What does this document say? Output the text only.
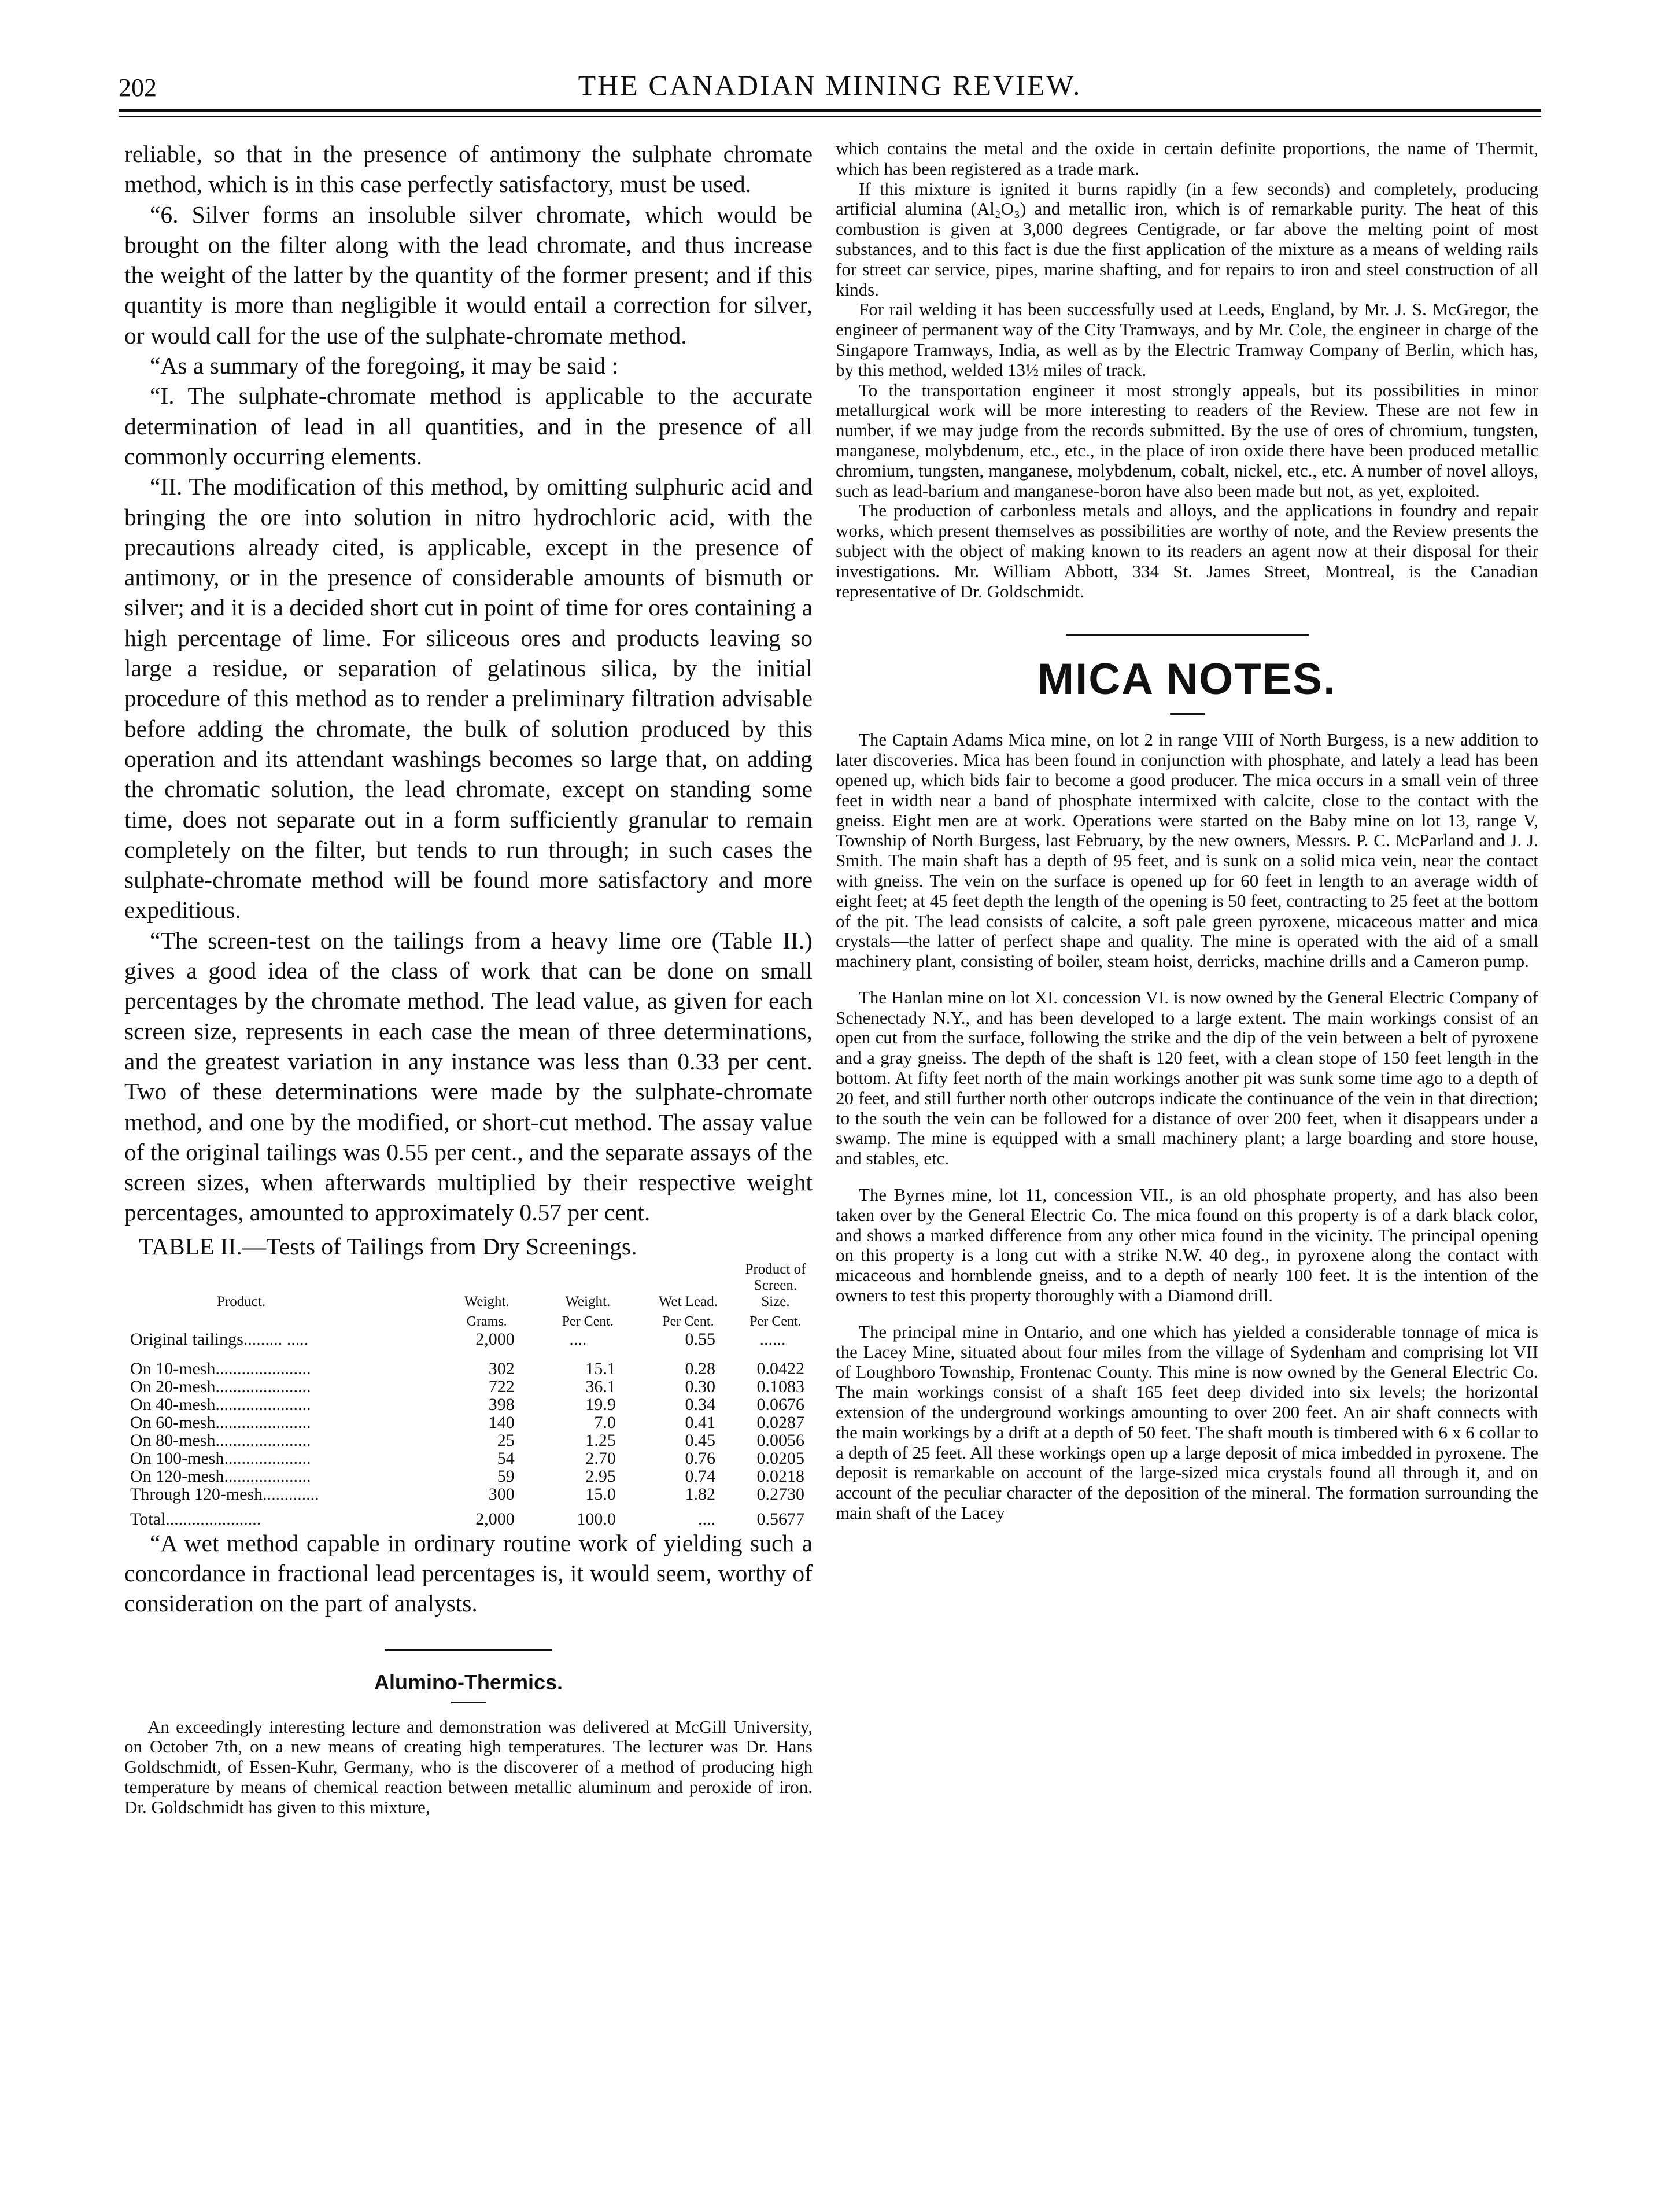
202	THE CANADIAN MINING REVIEW.

reliable, so that in the presence of antimony the sulphate chromate method, which is in this case perfectly satisfactory, must be used.

“6. Silver forms an insoluble silver chromate, which would be brought on the filter along with the lead chromate, and thus increase the weight of the latter by the quantity of the former present; and if this quantity is more than negligible it would entail a correction for silver, or would call for the use of the sulphate-chromate method.

“As a summary of the foregoing, it may be said :

“I. The sulphate-chromate method is applicable to the accurate determination of lead in all quantities, and in the presence of all commonly occurring elements.

“II. The modification of this method, by omitting sulphuric acid and bringing the ore into solution in nitro hydrochloric acid, with the precautions already cited, is applicable, except in the presence of antimony, or in the presence of considerable amounts of bismuth or silver; and it is a decided short cut in point of time for ores containing a high percentage of lime. For siliceous ores and products leaving so large a residue, or separation of gelatinous silica, by the initial procedure of this method as to render a preliminary filtration advisable before adding the chromate, the bulk of solution produced by this operation and its attendant washings becomes so large that, on adding the chromatic solution, the lead chromate, except on standing some time, does not separate out in a form sufficiently granular to remain completely on the filter, but tends to run through; in such cases the sulphate-chromate method will be found more satisfactory and more expeditious.

“The screen-test on the tailings from a heavy lime ore (Table II.) gives a good idea of the class of work that can be done on small percentages by the chromate method. The lead value, as given for each screen size, represents in each case the mean of three determinations, and the greatest variation in any instance was less than 0.33 per cent. Two of these determinations were made by the sulphate-chromate method, and one by the modified, or short-cut method. The assay value of the original tailings was 0.55 per cent., and the separate assays of the screen sizes, when afterwards multiplied by their respective weight percentages, amounted to approximately 0.57 per cent.

TABLE II.—Tests of Tailings from Dry Screenings.
Product.	Weight.	Weight.	Wet Lead.	Product of Screen. Size.
	Grams.	Per Cent.	Per Cent.	Per Cent.
Original tailings......... .....	2,000	....	0.55	......

On 10-mesh......................	302	15.1	0.28	0.0422
On 20-mesh......................	722	36.1	0.30	0.1083
On 40-mesh......................	398	19.9	0.34	0.0676
On 60-mesh......................	140	7.0	0.41	0.0287
On 80-mesh......................	25	1.25	0.45	0.0056
On 100-mesh....................	54	2.70	0.76	0.0205
On 120-mesh....................	59	2.95	0.74	0.0218
Through 120-mesh.............	300	15.0	1.82	0.2730
Total......................	2,000	100.0	....	0.5677

“A wet method capable in ordinary routine work of yielding such a concordance in fractional lead percentages is, it would seem, worthy of consideration on the part of analysts.

Alumino-Thermics.

An exceedingly interesting lecture and demonstration was delivered at McGill University, on October 7th, on a new means of creating high temperatures. The lecturer was Dr. Hans Goldschmidt, of Essen-Kuhr, Germany, who is the discoverer of a method of producing high temperature by means of chemical reaction between metallic aluminum and peroxide of iron. Dr. Goldschmidt has given to this mixture,

which contains the metal and the oxide in certain definite proportions, the name of Thermit, which has been registered as a trade mark.

If this mixture is ignited it burns rapidly (in a few seconds) and completely, producing artificial alumina (Al₂O₃) and metallic iron, which is of remarkable purity. The heat of this combustion is given at 3,000 degrees Centigrade, or far above the melting point of most substances, and to this fact is due the first application of the mixture as a means of welding rails for street car service, pipes, marine shafting, and for repairs to iron and steel construction of all kinds.

For rail welding it has been successfully used at Leeds, England, by Mr. J. S. McGregor, the engineer of permanent way of the City Tramways, and by Mr. Cole, the engineer in charge of the Singapore Tramways, India, as well as by the Electric Tramway Company of Berlin, which has, by this method, welded 13½ miles of track.

To the transportation engineer it most strongly appeals, but its possibilities in minor metallurgical work will be more interesting to readers of the Review. These are not few in number, if we may judge from the records submitted. By the use of ores of chromium, tungsten, manganese, molybdenum, etc., etc., in the place of iron oxide there have been produced metallic chromium, tungsten, manganese, molybdenum, cobalt, nickel, etc., etc. A number of novel alloys, such as lead-barium and manganese-boron have also been made but not, as yet, exploited.

The production of carbonless metals and alloys, and the applications in foundry and repair works, which present themselves as possibilities are worthy of note, and the Review presents the subject with the object of making known to its readers an agent now at their disposal for their investigations. Mr. William Abbott, 334 St. James Street, Montreal, is the Canadian representative of Dr. Goldschmidt.

MICA NOTES.

The Captain Adams Mica mine, on lot 2 in range VIII of North Burgess, is a new addition to later discoveries. Mica has been found in conjunction with phosphate, and lately a lead has been opened up, which bids fair to become a good producer. The mica occurs in a small vein of three feet in width near a band of phosphate intermixed with calcite, close to the contact with the gneiss. Eight men are at work. Operations were started on the Baby mine on lot 13, range V, Township of North Burgess, last February, by the new owners, Messrs. P. C. McParland and J. J. Smith. The main shaft has a depth of 95 feet, and is sunk on a solid mica vein, near the contact with gneiss. The vein on the surface is opened up for 60 feet in length to an average width of eight feet; at 45 feet depth the length of the opening is 50 feet, contracting to 25 feet at the bottom of the pit. The lead consists of calcite, a soft pale green pyroxene, micaceous matter and mica crystals—the latter of perfect shape and quality. The mine is operated with the aid of a small machinery plant, consisting of boiler, steam hoist, derricks, machine drills and a Cameron pump.

The Hanlan mine on lot XI. concession VI. is now owned by the General Electric Company of Schenectady N.Y., and has been developed to a large extent. The main workings consist of an open cut from the surface, following the strike and the dip of the vein between a belt of pyroxene and a gray gneiss. The depth of the shaft is 120 feet, with a clean stope of 150 feet length in the bottom. At fifty feet north of the main workings another pit was sunk some time ago to a depth of 20 feet, and still further north other outcrops indicate the continuance of the vein in that direction; to the south the vein can be followed for a distance of over 200 feet, when it disappears under a swamp. The mine is equipped with a small machinery plant; a large boarding and store house, and stables, etc.

The Byrnes mine, lot 11, concession VII., is an old phosphate property, and has also been taken over by the General Electric Co. The mica found on this property is of a dark black color, and shows a marked difference from any other mica found in the vicinity. The principal opening on this property is a long cut with a strike N.W. 40 deg., in pyroxene along the contact with micaceous and hornblende gneiss, and to a depth of nearly 100 feet. It is the intention of the owners to test this property thoroughly with a Diamond drill.

The principal mine in Ontario, and one which has yielded a considerable tonnage of mica is the Lacey Mine, situated about four miles from the village of Sydenham and comprising lot VII of Loughboro Township, Frontenac County. This mine is now owned by the General Electric Co. The main workings consist of a shaft 165 feet deep divided into six levels; the horizontal extension of the underground workings amounting to over 200 feet. An air shaft connects with the main workings by a drift at a depth of 50 feet. The shaft mouth is timbered with 6 x 6 collar to a depth of 25 feet. All these workings open up a large deposit of mica imbedded in pyroxene. The deposit is remarkable on account of the large-sized mica crystals found all through it, and on account of the peculiar character of the deposition of the mineral. The formation surrounding the main shaft of the Lacey
